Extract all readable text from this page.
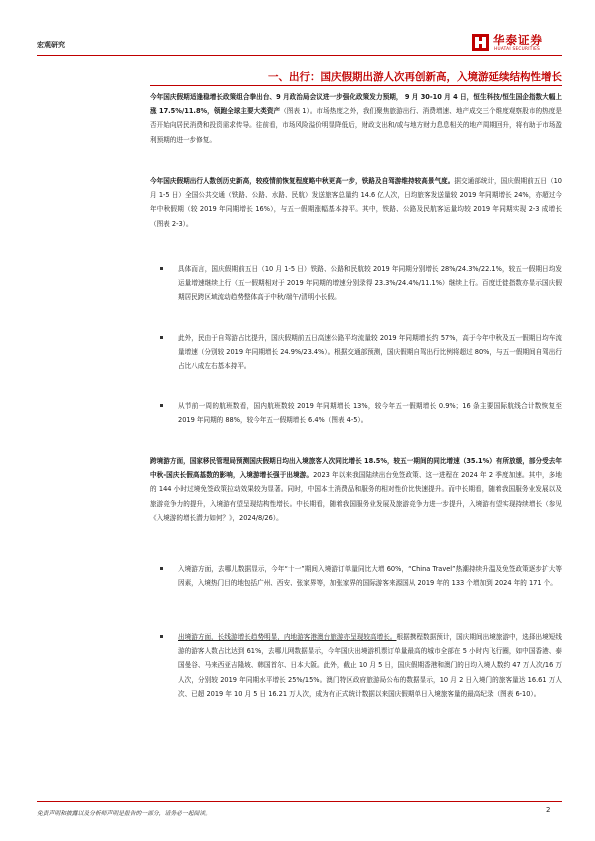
宏观研究	华泰证券
HUATAI SECURITIES
一、出行：国庆假期出游人次再创新高，入境游延续结构性增长

今年国庆假期适逢稳增长政策组合拳出台、9 月政治局会议进一步强化政策发力预期， 9 月 30-10 月 4 日，恒生科技/恒生国企指数大幅上涨 17.5%/11.8%，领跑全球主要大类资产（图表 1）。市场热度之外，我们聚焦旅游出行、消费增速、地产成交三个维度观察股市的热度是否开始向居民消费和投资需求传导。往前看，市场风险溢价明显降低后，财政支出和/或与地方财力息息相关的地产周期回升，将有助于市场盈利预期的进一步修复。

今年国庆假期出行人数创历史新高，较疫情前恢复程度略中秋更高一步，铁路及自驾游维持较高景气度。据交通部统计，国庆假期前五日（10 月 1-5 日）全国公共交通（铁路、公路、水路、民航）发送旅客总量约 14.6 亿人次，日均旅客发送量较 2019 年同期增长 24%，亦超过今年中秋假期（较 2019 年同期增长 16%），与五一假期涨幅基本持平。其中，铁路、公路及民航客运量均较 2019 年同期实现 2-3 成增长（图表 2-3）。

具体而言，国庆假期前五日（10 月 1-5 日）铁路、公路和民航较 2019 年同期分别增长 28%/24.3%/22.1%，较五一假期日均发运量增速继续上行（五一假期相对于 2019 年同期的增速分别录得 23.3%/24.4%/11.1%）继续上行。百度迁徙指数亦显示国庆假期居民跨区域流动趋势整体高于中秋/端午/清明小长假。
此外，民由于自驾游占比提升，国庆假期前五日高速公路平均流量较 2019 年同期增长约 57%，高于今年中秋及五一假期日均车流量增速（分别较 2019 年同期增长 24.9%/23.4%）。根据交通部预测，国庆假期自驾出行比例将超过 80%，与五一假期间自驾出行占比八成左右基本持平。
从节前一周的航班数看，国内航班数较 2019 年同期增长 13%，较今年五一假期增长 0.9%；16 条主要国际航线合计数恢复至 2019 年同期的 88%，较今年五一假期增长 6.4%（图表 4-5）。

跨境游方面，国家移民管理局预测国庆假期日均出入境旅客人次同比增长 18.5%，较五一期间的同比增速（35.1%）有所放缓，部分受去年中秋-国庆长假高基数的影响，入境游增长强于出境游。2023 年以来我国陆续出台免签政策、这一进程在 2024 年 2 季度加速。其中，多地的 144 小时过境免签政策拉动效果较为显著。同时，中国本土消费品和服务的相对性价比快速提升。而中长期看，随着我国服务业发展以及旅游竞争力的提升，入境游有望呈现结构性增长。中长期看，随着我国服务业发展及旅游竞争力进一步提升，入境游有望实现持续增长（参见《入境游的增长潜力如何？》，2024/8/26）。

入境游方面，去哪儿数据显示，今年“十一”期间入境游订单量同比大增 60%，“China Travel”热潮持续升温及免签政策逐步扩大等因素，入境热门目的地包括广州、西安、张家界等，加张家界的国际游客来源国从 2019 年的 133 个增加到 2024 年的 171 个。
出境游方面，长线游增长趋势明显，内地游客港澳台旅游亦呈现较高增长。根据携程数据预计，国庆期间出境旅游中，选择出境短线游的游客人数占比达到 61%，去哪儿网数据显示，今年国庆出境游机票订单量最高的城市全部在 5 小时内飞行圈，如中国香港、泰国曼谷、马来西亚吉隆坡、韩国首尔、日本大阪。此外，截止 10 月 5 日，国庆假期香港和澳门的日均入境人数约 47 万人次/16 万人次，分别较 2019 年同期水平增长 25%/15%。澳门特区政府旅游局公布的数据显示，10 月 2 日入境门的旅客量达 16.61 万人次、已超 2019 年 10 月 5 日 16.21 万人次，成为有正式统计数据以来国庆假期单日入境旅客量的最高纪录（图表 6-10）。
免责声明和披露以及分析师声明是报告的一部分，请务必一起阅读。	2
